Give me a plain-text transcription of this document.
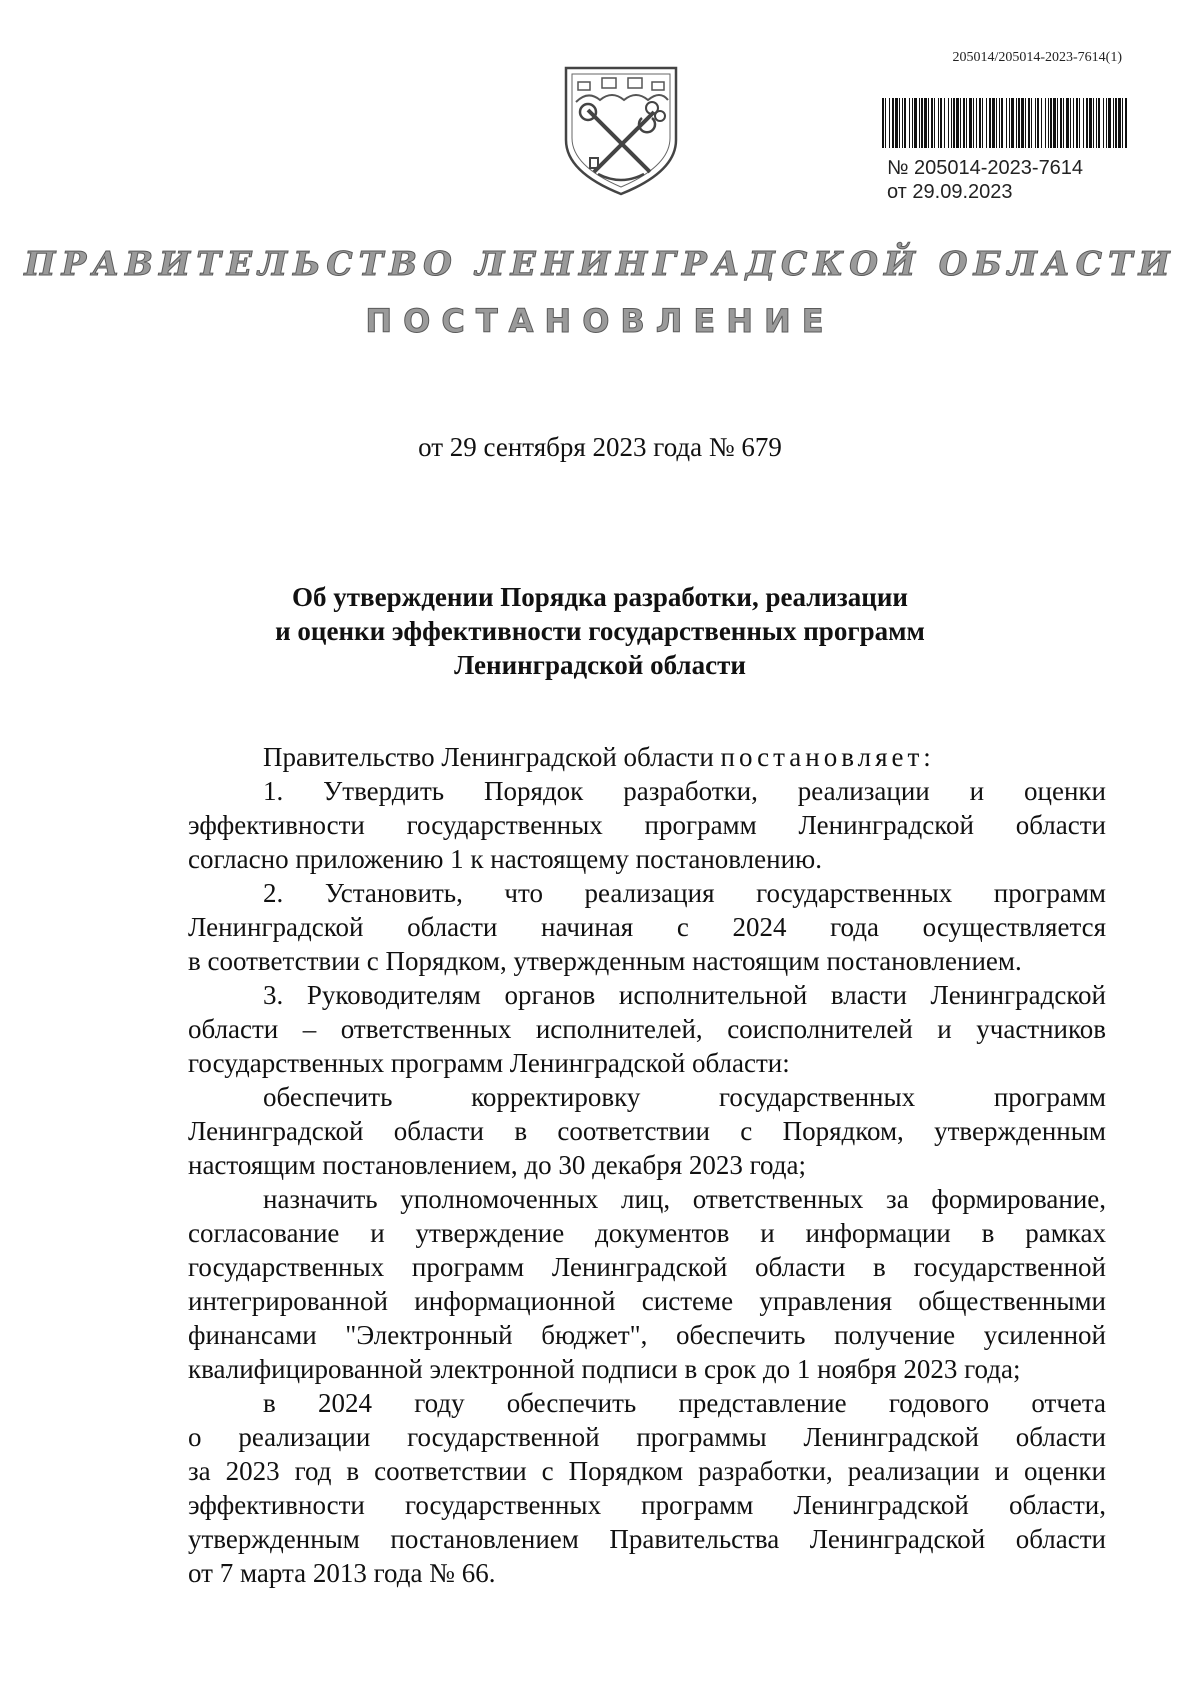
205014/205014-2023-7614(1)
№ 205014-2023-7614
от 29.09.2023
ПРАВИТЕЛЬСТВО ЛЕНИНГРАДСКОЙ ОБЛАСТИ
ПОСТАНОВЛЕНИЕ
от 29 сентября 2023 года № 679
Об утверждении Порядка разработки, реализации
и оценки эффективности государственных программ
Ленинградской области
Правительство Ленинградской области постановляет:
1. Утвердить Порядок разработки, реализации и оценки
эффективности государственных программ Ленинградской области
согласно приложению 1 к настоящему постановлению.
2. Установить, что реализация государственных программ
Ленинградской области начиная с 2024 года осуществляется
в соответствии с Порядком, утвержденным настоящим постановлением.
3. Руководителям органов исполнительной власти Ленинградской
области – ответственных исполнителей, соисполнителей и участников
государственных программ Ленинградской области:
обеспечить корректировку государственных программ
Ленинградской области в соответствии с Порядком, утвержденным
настоящим постановлением, до 30 декабря 2023 года;
назначить уполномоченных лиц, ответственных за формирование,
согласование и утверждение документов и информации в рамках
государственных программ Ленинградской области в государственной
интегрированной информационной системе управления общественными
финансами "Электронный бюджет", обеспечить получение усиленной
квалифицированной электронной подписи в срок до 1 ноября 2023 года;
в 2024 году обеспечить представление годового отчета
о реализации государственной программы Ленинградской области
за 2023 год в соответствии с Порядком разработки, реализации и оценки
эффективности государственных программ Ленинградской области,
утвержденным постановлением Правительства Ленинградской области
от 7 марта 2013 года № 66.
